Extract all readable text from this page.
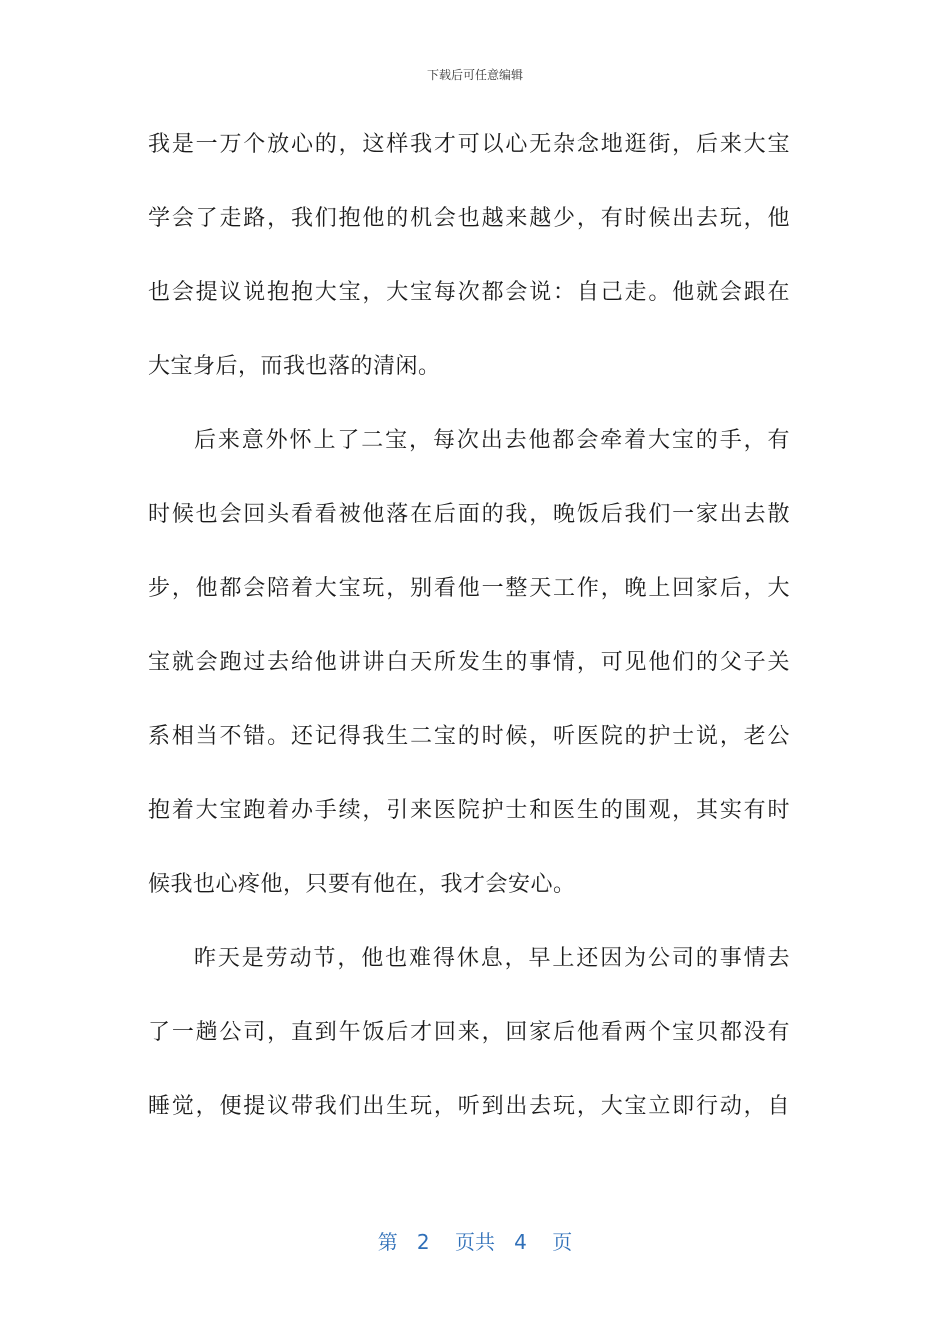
下载后可任意编辑
我是一万个放心的，这样我才可以心无杂念地逛街，后来大宝
学会了走路，我们抱他的机会也越来越少，有时候出去玩，他
也会提议说抱抱大宝，大宝每次都会说：自己走。他就会跟在
大宝身后，而我也落的清闲。
后来意外怀上了二宝，每次出去他都会牵着大宝的手，有
时候也会回头看看被他落在后面的我，晚饭后我们一家出去散
步，他都会陪着大宝玩，别看他一整天工作，晚上回家后，大
宝就会跑过去给他讲讲白天所发生的事情，可见他们的父子关
系相当不错。还记得我生二宝的时候，听医院的护士说，老公
抱着大宝跑着办手续，引来医院护士和医生的围观，其实有时
候我也心疼他，只要有他在，我才会安心。
昨天是劳动节，他也难得休息，早上还因为公司的事情去
了一趟公司，直到午饭后才回来，回家后他看两个宝贝都没有
睡觉，便提议带我们出生玩，听到出去玩，大宝立即行动，自
第 2 页共 4 页
